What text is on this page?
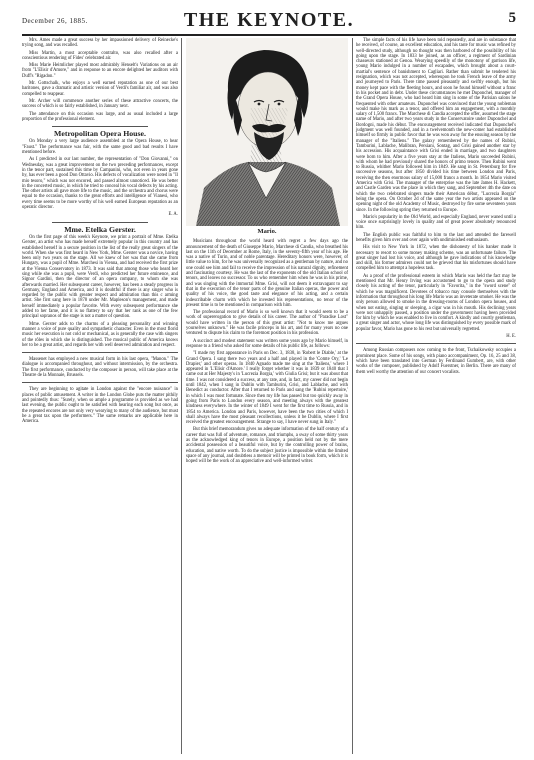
December 26, 1885.	THE KEYNOTE.	5

Mrs. Ames made a great success by her impassioned delivery of Reinecke's trying song, and was recalled.

Miss Martin, a most acceptable contralto, was also recalled after a conscientious rendering of Fides' celebrated air.

Miss Marie Heimlicher played most admirably Henselt's Variations on an air from "L'Elisir d'Amore," and in response to an encore delighted her auditors with Duff's "Rigadon."

Mr. Gottschalk, who enjoys a well earned reputation as one of our best baritones, gave a dramatic and artistic version of Verdi's familiar air, and was also compelled to reappear.

Mr. Archer will commence another series of these attractive concerts, the success of which is so fairly established, in January next.

The attendance on this occasion was large, and as usual included a large proportion of the professional element.

Metropolitan Opera House.

On Monday a very large audience assembled at the Opera House, to hear "Faust." The performance was fair, with the same good and bad results I have mentioned before.

As I predicted in our last number, the representation of "Don Giovanni," on Wednesday, was a great improvement on the two preceding performances, except in the tenor part, sustained this time by Campanini, who, not even in years gone by, has ever been a good Don Ottavio. His defects of vocalization were noted in "Il mio tesoro," which was not encored, and passed almost unnoticed. He was better in the concerted music, in which he tried to conceal his vocal defects by his acting. The other artists all gave more life to the music, and the orchestra and chorus were equal to the occasion, thanks to the great efforts and intelligence of Vianesi, who every time seems to be more worthy of his well earned European reputation as an operatic director.

E. A.
Mme. Etelka Gerster.

On the first page of this week's Keynote, we print a portrait of Mme. Etelka Gerster, an artist who has made herself extremely popular in this country and has established herself in a secure position in the list of the really great singers of the world. When she was first heard in New York, Mme. Gerster was a novice, having been only two years on the stage. All we knew of her was that she came from Hungary, was a pupil of Mme. Marchesi in Vienna, and had received the first prize at the Vienna Conservatory in 1873. It was said that among those who heard her sing while she was a pupil, were Verdi, who predicted her future eminence, and Signor Gardini, then the director of an opera company, to whom she was afterwards married. Her subsequent career, however, has been a steady progress in Germany, England and America, and it is doubtful if there is any singer who is regarded by the public with greater respect and admiration than this c arming artist. She first sang here in 1878 under Mr. Mapleson's management, and made herself immediately a popular favorite. With every subsequent performance she added to her fame, and it is no flattery to say that her rank as one of the few principal sopranos of the stage is not a matter of question.

Mme. Gerster adds to the charms of a pleasing personality and winning manner a voice of pure quality and sympathetic character. Even in the most florid music her execution is not cold or mechanical, as is generally the case with singers of the rôles in which she is distinguished. The musical public of America knows her to be a great artist, and regards her with well deserved admiration and respect.

Massenet has employed a new musical form in his last opera, "Manon." The dialogue is accompanied throughout, and without intermission, by the orchestra. The first performance, conducted by the composer in person, will take place at the Theatre de la Monnaie, Brussels.

They are beginning to agitate in London against the "encore nuisance" in places of public amusement. A writer in the London Globe puts the matter pithily and pointedly thus: "Surely, when so ample a programme is provided as we had last evening, the public ought to be satisfied with hearing each song but once, as the repeated encores are not only very wearying to many of the audience, but must be a great tax upon the performers." The same remarks are applicable here in America.

Mario.

Musicians throughout the world heard with regret a few days ago the announcement of the death of Giuseppe Mario, Marchese di Candia, who breathed his last on the 11th of December at Rome, Italy, in the seventy-fifth year of his age. He was a native of Turin, and of noble parentage. Hereditary honors were, however, of little value to him, for he was universally recognized as a gentleman by nature, and no one could see him and fail to receive the impression of his natural dignity, refinement and fascinating courtesy. He was the last of the exponents of the old Italian school of tenors, and leaves no successor. To us who remember him when he was in his prime, and was singing with the immortal Mme. Grisi, will not deem it extravagant to say that in the execution of the tenor parts of the genuine Italian operas, the power and quality of his voice, the good taste and elegance of his acting, and a certain indescribable charm with which he invested his representations, no tenor of the present time is to be mentioned in comparison with him.

The professional record of Mario is so well known that it would seem to be a work of supererogation to give details of his career. The author of "Paradise Lost" would have written in the person of this great artist: "Not to know me argues yourselves unknown." He was facile princeps in his art, and for many years no one ventured to dispute his claim to the foremost position in his profession.

A succinct and modest statement was written some years ago by Mario himself, in response to a friend who asked for some details of his public life, as follows:

"I made my first appearance in Paris on Dec. 3, 1838, in 'Robert le Diable,' at the Grand Opera. I sang there two years and a half and played in the 'Comte Ory,' 'Le Drapier,' and other operas. In 1840 Agnado made me sing at the 'Italiens,' where I appeared in 'L'Elisir d'Amore.' I really forget whether it was in 1839 or 1840 that I came out at Her Majesty's in 'Lucrezia Borgia,' with Giulia Grisi; but it was about that time. I was not considered a success, at any rate, and, in fact, my career did not begin until 1842, when I sang in Dublin with Tamburini, Grisi, and Lablache, and with Benedict as conductor. After that I returned to Paris and sang the 'Rubini repertoire,' in which I was most fortunate. Since then my life has passed but too quickly away in going from Paris to London every season, and meeting always with the greatest kindness everywhere. In the winter of 1849 I went for the first time to Russia, and in 1854 to America. London and Paris, however, have been the two cities of which I shall always have the most pleasant recollections, unless it be Dublin, where I first received the greatest encouragement. Strange to say, I have never sung in Italy."

But this brief memorandum gives no adequate information of the half century of a career that was full of adventure, romance, and triumphs, a sway of some thirty years as the acknowledged king of tenors in Europe, a position held not by the mere accidental possession of a beautiful voice, but by the controlling power of brains, education, and native worth. To do the subject justice is impossible within the limited space of any journal, and doubtless a memoir will be printed in book form, which it is hoped will be the work of an appreciative and well-informed writer.

The simple facts of his life have been told repeatedly, and are in substance that he received, of course, an excellent education, and his taste for music was refined by well-directed study, although no thought was then harbored of the possibility of his going upon the stage. In 1833 he joined, as an officer, a regiment of Sardinian chasseurs stationed at Genoa. Wearying speedily of the monotony of garrison life, young Mario indulged in a number of escapades, which brought about a court-martial's sentence of banishment to Cagliari. Rather than submit he tendered his resignation, which was not accepted, whereupon he took French leave of the army and journeyed to Paris. There time passed pleasantly and swiftly enough, but his money kept pace with the fleeting hours, and soon he found himself without a franc in his pocket and in debt. Under these circumstances he met Duponchel, manager of the Grand Opera House, who had heard him sing in some of the Parisian salons he frequented with other amateurs. Duponchel was convinced that the young nobleman would make his mark as a tenor, and offered him an engagement, with a monthly salary of 1,500 francs. The Marchese di Candia accepted the offer, assumed the stage name of Mario, and after two years study in the Conservatoire under Duponchel and Bordogni, made his début. The encouragement received indicated that Duponchel's judgment was well founded, and in a twelvemonth the new-comer had established himself so firmly in public favor that he was won away for the ensuing season by the manager of the "Italiens." The galaxy remembered by the names of Rubini, Tamburini, Lablache, Malibran, Persiani, Sontag, and Grisi gained another star by his accession. His acquaintance with Grisi ended in marriage, and two daughters were born to him. After a five years stay at the Italiens, Mario succeeded Rubini, with whom he had previously shared the honors of primo tenore. Then Rubini went to Russia, whither Mario followed him in 1849. He sang in St. Petersburg for five successive seasons, but after 1850 divided his time between London and Paris, receiving the then enormous salary of 15,000 francs a month. In 1854 Mario visited America with Grisi. The manager of the enterprise was the late James H. Hackett, and Castle Garden was the place in which they sang, and September 4th the date on which the two celebrated singers made their American début, "Lucrezia Borgia" being the opera. On October 2d of the same year the two artists appeared on the opening night of the old Academy of Music, destroyed by fire some seventeen years since. In the following spring they returned to Europe.

Mario's popularity in the Old World, and especially England, never waned until a voice once surprisingly lovely in quality and of great power absolutely renounced him.

The English public was faithful to him to the last and attended the farewell benefits given him over and over again with undiminished enthusiasm.

His visit to New York in 1872, when the dishonesty of his banker made it necessary to resort to some money making scheme, was an unfortunate failure. The great singer had lost his voice, and although he gave indications of his knowledge and skill, his former admirers could not be grieved that his misfortunes should have compelled him to attempt a hopeless task.

As a proof of the professional esteem in which Mario was held the fact may be mentioned that Mr. Henry Irving was accustomed to go to the opera and study closely his acting of the tenor, particularly in "Favorita," in the "sword scene" of which he was magnificent. Devotees of tobacco may console themselves with the information that throughout his long life Mario was an inveterate smoker. He was the only person allowed to smoke in the dressing-rooms of London opera houses, and when not eating, singing or sleeping, a cigar was in his mouth. His declining years were not unhappily passed, a position under the government having been provided for him by which he was enabled to live in comfort. A kindly and courtly gentleman, a great singer and actor, whose long life was distinguished by every possible mark of popular favor, Mario has gone to his rest but universally regretted.

H. E.

Among Russian composers now coming to the front, Tschaikowsky occupies a prominent place. Some of his songs, with piano accompaniment, Op. 16, 25 and 38, which have been translated into German by Ferdinand Gumbert, are, with other works of the composer, published by Adolf Fuerstner, in Berlin. There are many of them well worthy the attention of our concert vocalists.
